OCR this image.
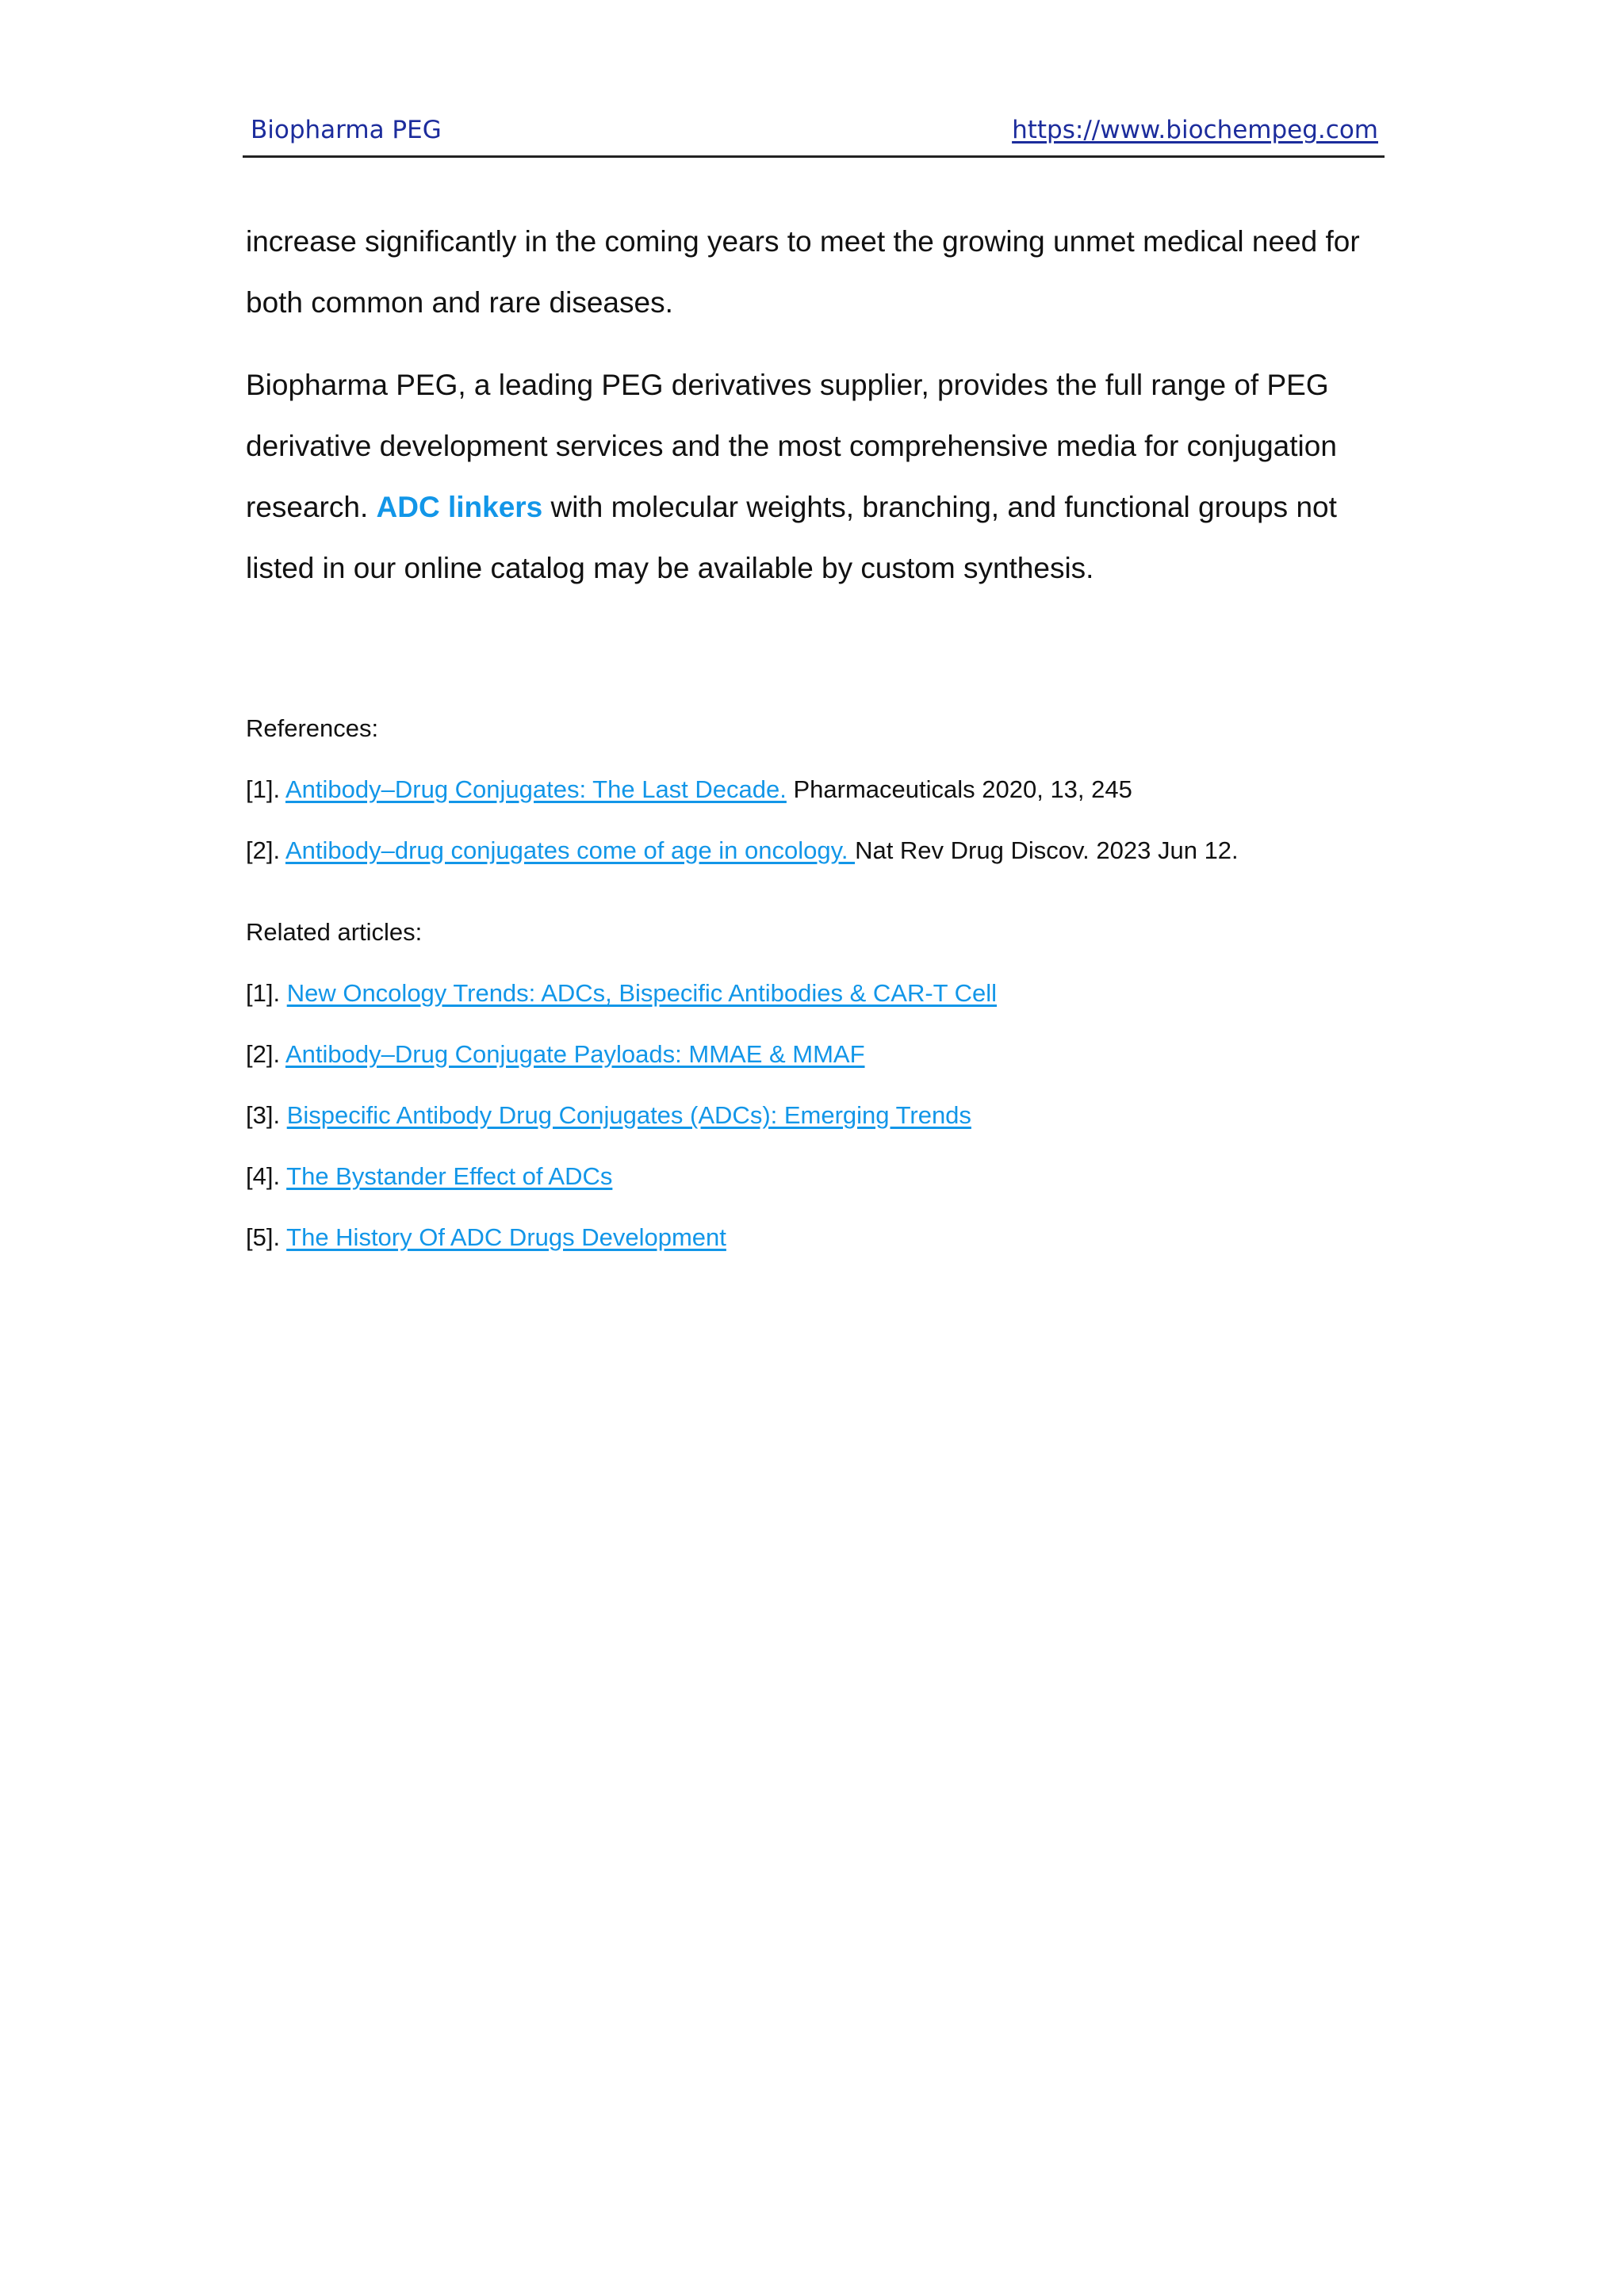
Biopharma PEG	https://www.biochempeg.com

increase significantly in the coming years to meet the growing unmet medical need for both common and rare diseases.

Biopharma PEG, a leading PEG derivatives supplier, provides the full range of PEG derivative development services and the most comprehensive media for conjugation research. ADC linkers with molecular weights, branching, and functional groups not listed in our online catalog may be available by custom synthesis.

References:

[1]. Antibody–Drug Conjugates: The Last Decade. Pharmaceuticals 2020, 13, 245

[2]. Antibody–drug conjugates come of age in oncology. Nat Rev Drug Discov. 2023 Jun 12.

Related articles:

[1]. New Oncology Trends: ADCs, Bispecific Antibodies & CAR-T Cell

[2]. Antibody–Drug Conjugate Payloads: MMAE & MMAF

[3]. Bispecific Antibody Drug Conjugates (ADCs): Emerging Trends

[4]. The Bystander Effect of ADCs

[5]. The History Of ADC Drugs Development
